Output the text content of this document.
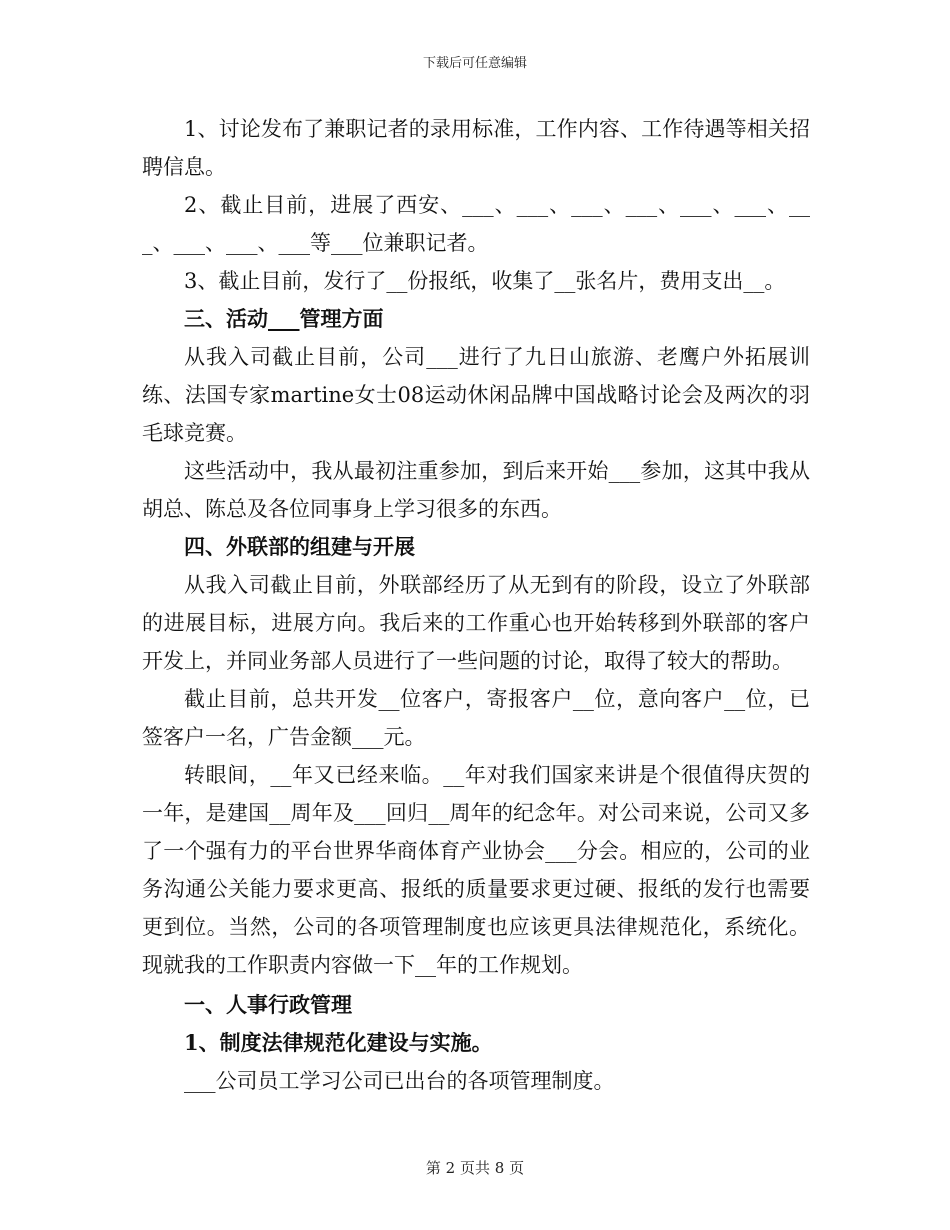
下载后可任意编辑

1、讨论发布了兼职记者的录用标准，工作内容、工作待遇等相关招聘信息。

2、截止目前，进展了西安、___、___、___、___、___、___、___、___、___、___等___位兼职记者。

3、截止目前，发行了__份报纸，收集了__张名片，费用支出__。

三、活动___管理方面

从我入司截止目前，公司___进行了九日山旅游、老鹰户外拓展训练、法国专家martine女士08运动休闲品牌中国战略讨论会及两次的羽毛球竞赛。

这些活动中，我从最初注重参加，到后来开始___参加，这其中我从胡总、陈总及各位同事身上学习很多的东西。

四、外联部的组建与开展

从我入司截止目前，外联部经历了从无到有的阶段，设立了外联部的进展目标，进展方向。我后来的工作重心也开始转移到外联部的客户开发上，并同业务部人员进行了一些问题的讨论，取得了较大的帮助。

截止目前，总共开发__位客户，寄报客户__位，意向客户__位，已签客户一名，广告金额___元。

转眼间，__年又已经来临。__年对我们国家来讲是个很值得庆贺的一年，是建国__周年及___回归__周年的纪念年。对公司来说，公司又多了一个强有力的平台世界华商体育产业协会___分会。相应的，公司的业务沟通公关能力要求更高、报纸的质量要求更过硬、报纸的发行也需要更到位。当然，公司的各项管理制度也应该更具法律规范化，系统化。现就我的工作职责内容做一下__年的工作规划。

一、人事行政管理

1、制度法律规范化建设与实施。

___公司员工学习公司已出台的各项管理制度。

第 2 页共 8 页
